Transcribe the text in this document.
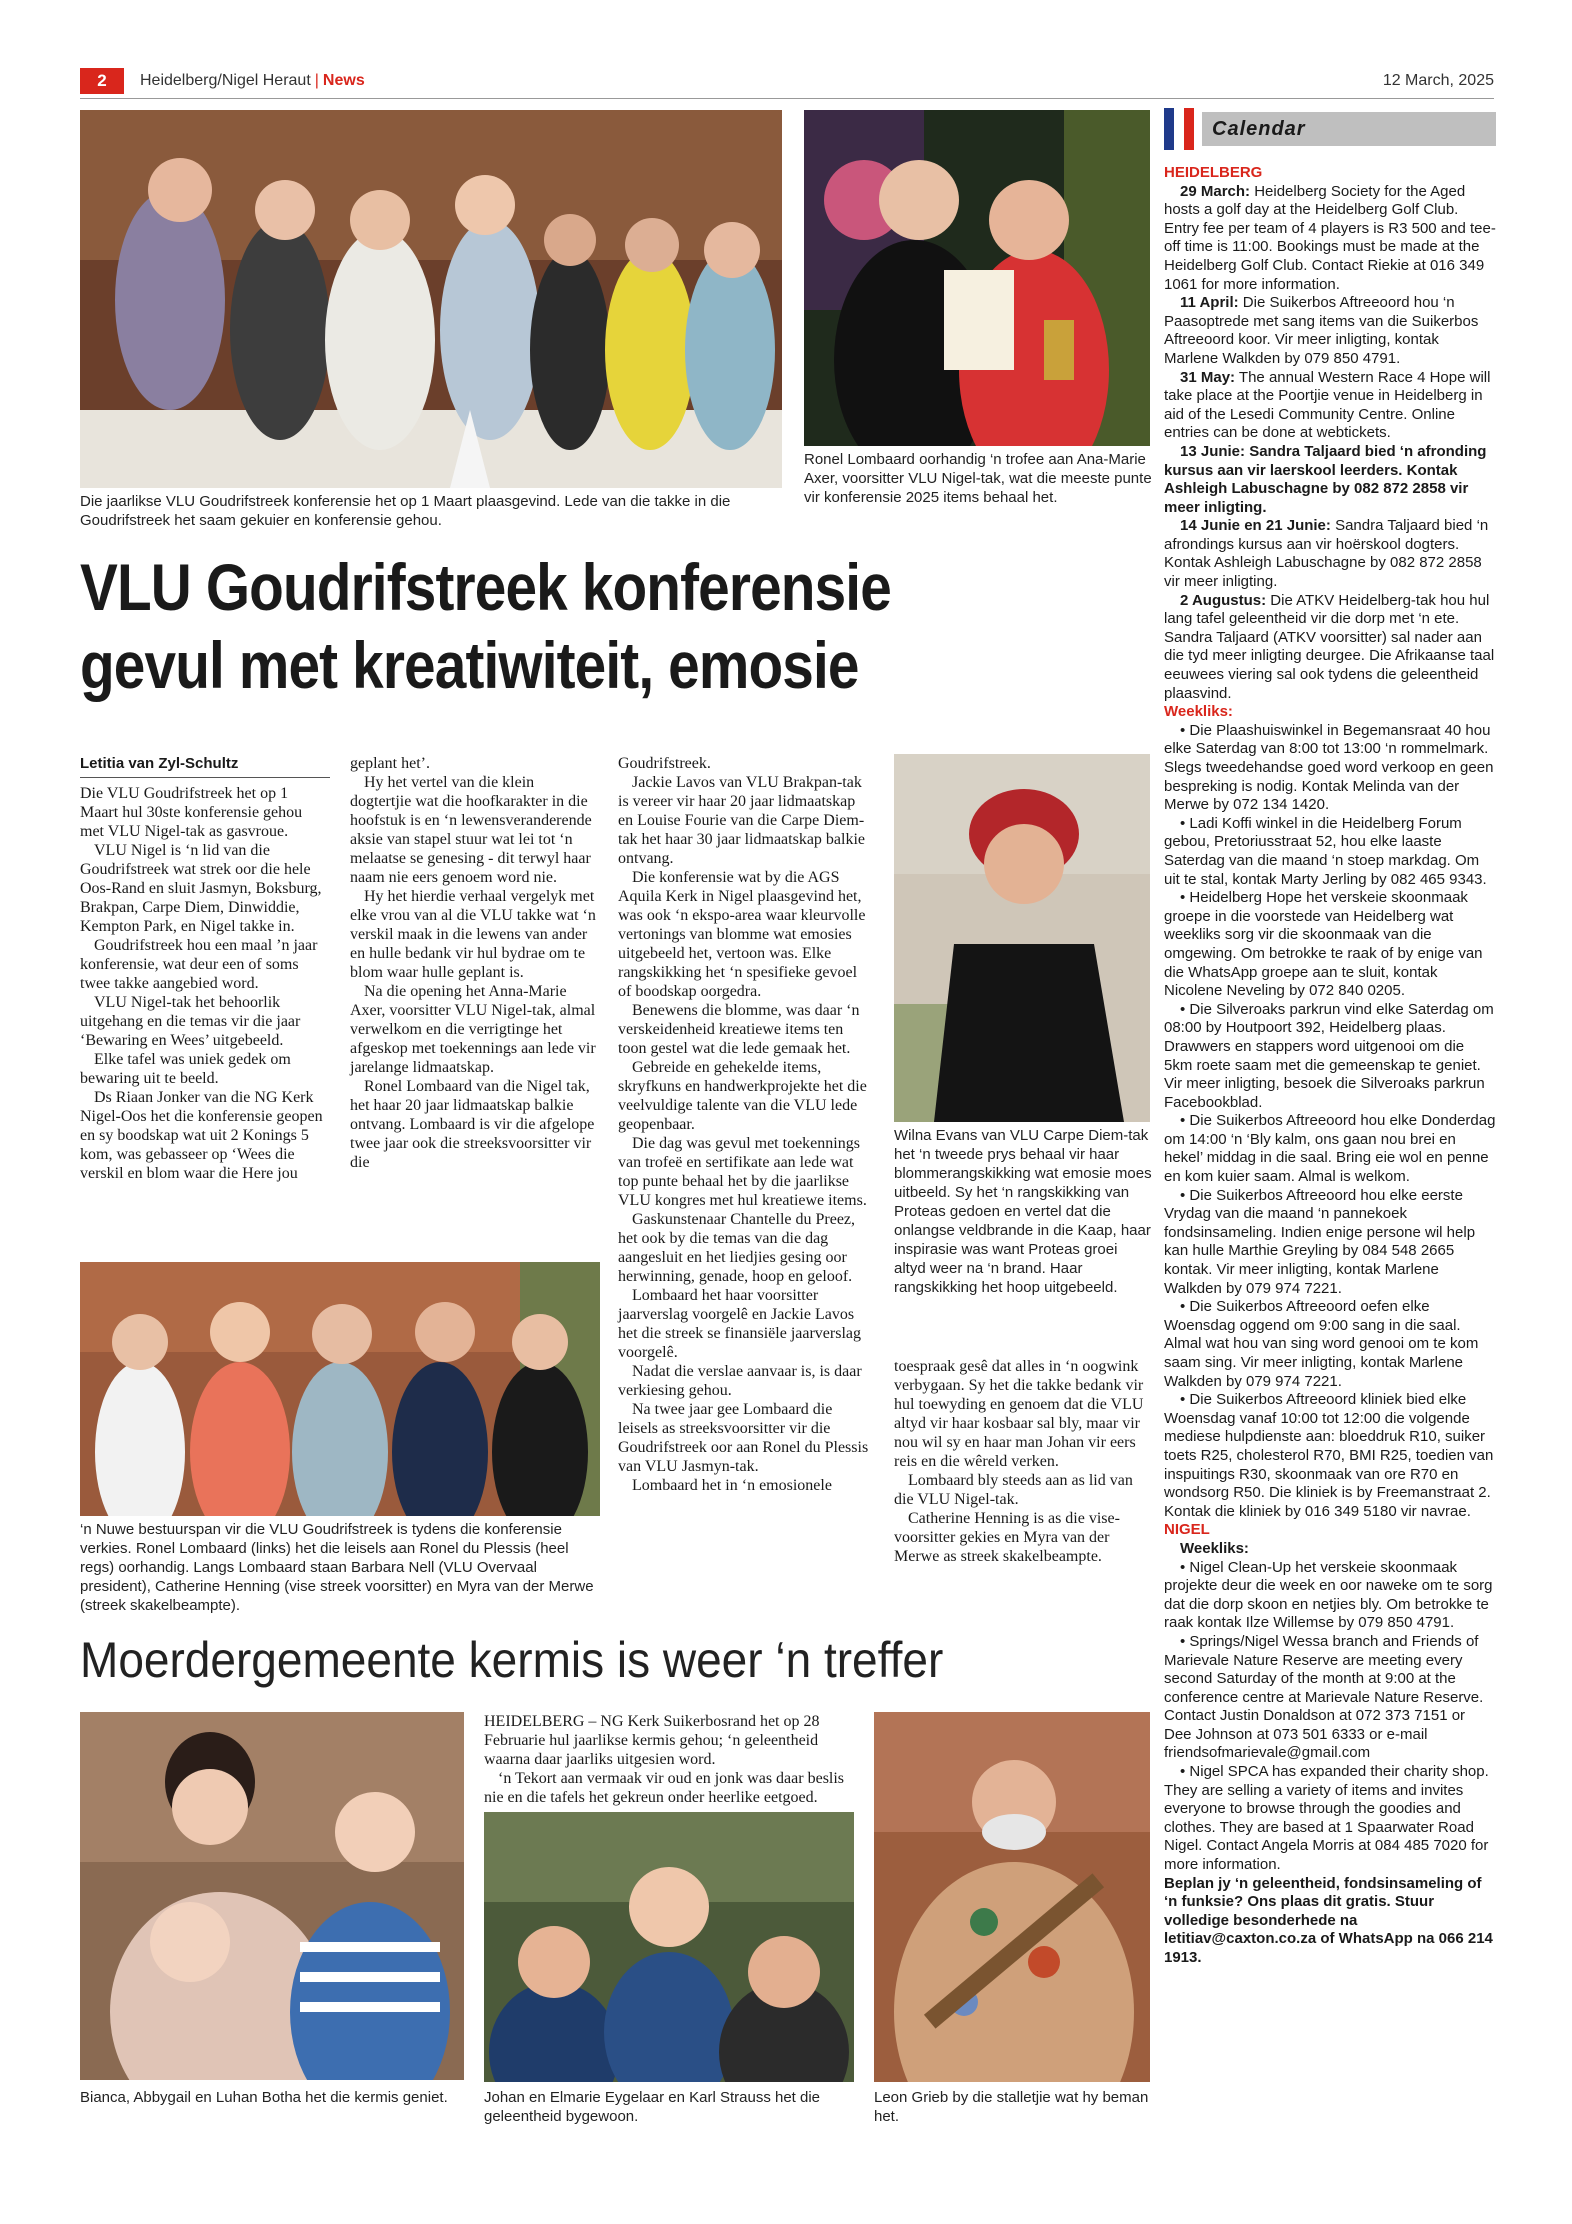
2	Heidelberg/Nigel Heraut | News	12 March, 2025
Die jaarlikse VLU Goudrifstreek konferensie het op 1 Maart plaasgevind. Lede van die takke in die Goudrifstreek het saam gekuier en konferensie gehou.
Ronel Lombaard oorhandig ‘n trofee aan Ana-Marie Axer, voorsitter VLU Nigel-tak, wat die meeste punte vir konferensie 2025 items behaal het.
VLU Goudrifstreek konferensie
gevul met kreatiwiteit, emosie
Letitia van Zyl-Schultz

Die VLU Goudrifstreek het op 1 Maart hul 30ste konferensie gehou met VLU Nigel-tak as gasvroue.

VLU Nigel is ‘n lid van die Goudrifstreek wat strek oor die hele Oos-Rand en sluit Jasmyn, Boksburg, Brakpan, Carpe Diem, Dinwiddie, Kempton Park, en Nigel takke in.

Goudrifstreek hou een maal ’n jaar konferensie, wat deur een of soms twee takke aangebied word.

VLU Nigel-tak het behoorlik uitgehang en die temas vir die jaar ‘Bewaring en Wees’ uitgebeeld.

Elke tafel was uniek gedek om bewaring uit te beeld.

Ds Riaan Jonker van die NG Kerk Nigel-Oos het die konferensie geopen en sy boodskap wat uit 2 Konings 5 kom, was gebasseer op ‘Wees die verskil en blom waar die Here jou

geplant het’.

Hy het vertel van die klein dogtertjie wat die hoofkarakter in die hoofstuk is en ‘n lewensveranderende aksie van stapel stuur wat lei tot ‘n melaatse se genesing - dit terwyl haar naam nie eers genoem word nie.

Hy het hierdie verhaal vergelyk met elke vrou van al die VLU takke wat ‘n verskil maak in die lewens van ander en hulle bedank vir hul bydrae om te blom waar hulle geplant is.

Na die opening het Anna-Marie Axer, voorsitter VLU Nigel-tak, almal verwelkom en die verrigtinge het afgeskop met toekennings aan lede vir jarelange lidmaatskap.

Ronel Lombaard van die Nigel tak, het haar 20 jaar lidmaatskap balkie ontvang. Lombaard is vir die afgelope twee jaar ook die streeksvoorsitter vir die

Goudrifstreek.

Jackie Lavos van VLU Brakpan-tak is vereer vir haar 20 jaar lidmaatskap en Louise Fourie van die Carpe Diem-tak het haar 30 jaar lidmaatskap balkie ontvang.

Die konferensie wat by die AGS Aquila Kerk in Nigel plaasgevind het, was ook ‘n ekspo-area waar kleurvolle vertonings van blomme wat emosies uitgebeeld het, vertoon was. Elke rangskikking het ‘n spesifieke gevoel of boodskap oorgedra.

Benewens die blomme, was daar ‘n verskeidenheid kreatiewe items ten toon gestel wat die lede gemaak het.

Gebreide en gehekelde items, skryfkuns en handwerkprojekte het die veelvuldige talente van die VLU lede geopenbaar.

Die dag was gevul met toekennings van trofeë en sertifikate aan lede wat top punte behaal het by die jaarlikse VLU kongres met hul kreatiewe items.

Gaskunstenaar Chantelle du Preez, het ook by die temas van die dag aangesluit en het liedjies gesing oor herwinning, genade, hoop en geloof.

Lombaard het haar voorsitter jaarverslag voorgelê en Jackie Lavos het die streek se finansiële jaarverslag voorgelê.

Nadat die verslae aanvaar is, is daar verkiesing gehou.

Na twee jaar gee Lombaard die leisels as streeksvoorsitter vir die Goudrifstreek oor aan Ronel du Plessis van VLU Jasmyn-tak.

Lombaard het in ‘n emosionele

Wilna Evans van VLU Carpe Diem-tak het ‘n tweede prys behaal vir haar blommerangskikking wat emosie moes uitbeeld. Sy het ‘n rangskikking van Proteas gedoen en vertel dat die onlangse veldbrande in die Kaap, haar inspirasie was want Proteas groei altyd weer na ‘n brand. Haar rangskikking het hoop uitgebeeld.

toespraak gesê dat alles in ‘n oogwink verbygaan. Sy het die takke bedank vir hul toewyding en genoem dat die VLU altyd vir haar kosbaar sal bly, maar vir nou wil sy en haar man Johan vir eers reis en die wêreld verken.

Lombaard bly steeds aan as lid van die VLU Nigel-tak.

Catherine Henning is as die vise-voorsitter gekies en Myra van der Merwe as streek skakelbeampte.

‘n Nuwe bestuurspan vir die VLU Goudrifstreek is tydens die konferensie verkies. Ronel Lombaard (links) het die leisels aan Ronel du Plessis (heel regs) oorhandig. Langs Lombaard staan Barbara Nell (VLU Overvaal president), Catherine Henning (vise streek voorsitter) en Myra van der Merwe (streek skakelbeampte).
Moerdergemeente kermis is weer ‘n treffer
Bianca, Abbygail en Luhan Botha het die kermis geniet.

HEIDELBERG – NG Kerk Suikerbosrand het op 28 Februarie hul jaarlikse kermis gehou; ‘n geleentheid waarna daar jaarliks uitgesien word.

‘n Tekort aan vermaak vir oud en jonk was daar beslis nie en die tafels het gekreun onder heerlike eetgoed.

Johan en Elmarie Eygelaar en Karl Strauss het die geleentheid bygewoon.
Leon Grieb by die stalletjie wat hy beman het.
Calendar
HEIDELBERG

29 March: Heidelberg Society for the Aged hosts a golf day at the Heidelberg Golf Club. Entry fee per team of 4 players is R3 500 and tee-off time is 11:00. Bookings must be made at the Heidelberg Golf Club. Contact Riekie at 016 349 1061 for more information.

11 April: Die Suikerbos Aftreeoord hou ‘n Paasoptrede met sang items van die Suikerbos Aftreeoord koor. Vir meer inligting, kontak Marlene Walkden by 079 850 4791.

31 May: The annual Western Race 4 Hope will take place at the Poortjie venue in Heidelberg in aid of the Lesedi Community Centre. Online entries can be done at webtickets.

13 Junie: Sandra Taljaard bied ‘n afronding kursus aan vir laerskool leerders. Kontak Ashleigh Labuschagne by 082 872 2858 vir meer inligting.

14 Junie en 21 Junie: Sandra Taljaard bied ‘n afrondings kursus aan vir hoërskool dogters. Kontak Ashleigh Labuschagne by 082 872 2858 vir meer inligting.

2 Augustus: Die ATKV Heidelberg-tak hou hul lang tafel geleentheid vir die dorp met ‘n ete. Sandra Taljaard (ATKV voorsitter) sal nader aan die tyd meer inligting deurgee. Die Afrikaanse taal eeuwees viering sal ook tydens die geleentheid plaasvind.

Weekliks:

• Die Plaashuiswinkel in Begemansraat 40 hou elke Saterdag van 8:00 tot 13:00 ‘n rommelmark. Slegs tweedehandse goed word verkoop en geen bespreking is nodig. Kontak Melinda van der Merwe by 072 134 1420.

• Ladi Koffi winkel in die Heidelberg Forum gebou, Pretoriusstraat 52, hou elke laaste Saterdag van die maand ‘n stoep markdag. Om uit te stal, kontak Marty Jerling by 082 465 9343.

• Heidelberg Hope het verskeie skoonmaak groepe in die voorstede van Heidelberg wat weekliks sorg vir die skoonmaak van die omgewing. Om betrokke te raak of by enige van die WhatsApp groepe aan te sluit, kontak Nicolene Neveling by 072 840 0205.

• Die Silveroaks parkrun vind elke Saterdag om 08:00 by Houtpoort 392, Heidelberg plaas. Drawwers en stappers word uitgenooi om die 5km roete saam met die gemeenskap te geniet. Vir meer inligting, besoek die Silveroaks parkrun Facebookblad.

• Die Suikerbos Aftreeoord hou elke Donderdag om 14:00 ‘n ‘Bly kalm, ons gaan nou brei en hekel’ middag in die saal. Bring eie wol en penne en kom kuier saam. Almal is welkom.

• Die Suikerbos Aftreeoord hou elke eerste Vrydag van die maand ‘n pannekoek fondsinsameling. Indien enige persone wil help kan hulle Marthie Greyling by 084 548 2665 kontak. Vir meer inligting, kontak Marlene Walkden by 079 974 7221.

• Die Suikerbos Aftreeoord oefen elke Woensdag oggend om 9:00 sang in die saal. Almal wat hou van sing word genooi om te kom saam sing. Vir meer inligting, kontak Marlene Walkden by 079 974 7221.

• Die Suikerbos Aftreeoord kliniek bied elke Woensdag vanaf 10:00 tot 12:00 die volgende mediese hulpdienste aan: bloeddruk R10, suiker toets R25, cholesterol R70, BMI R25, toedien van inspuitings R30, skoonmaak van ore R70 en wondsorg R50. Die kliniek is by Freemanstraat 2. Kontak die kliniek by 016 349 5180 vir navrae.

NIGEL

Weekliks:

• Nigel Clean-Up het verskeie skoonmaak projekte deur die week en oor naweke om te sorg dat die dorp skoon en netjies bly. Om betrokke te raak kontak Ilze Willemse by 079 850 4791.

• Springs/Nigel Wessa branch and Friends of Marievale Nature Reserve are meeting every second Saturday of the month at 9:00 at the conference centre at Marievale Nature Reserve. Contact Justin Donaldson at 072 373 7151 or Dee Johnson at 073 501 6333 or e-mail friendsofmarievale@gmail.com

• Nigel SPCA has expanded their charity shop. They are selling a variety of items and invites everyone to browse through the goodies and clothes. They are based at 1 Spaarwater Road Nigel. Contact Angela Morris at 084 485 7020 for more information.

Beplan jy ‘n geleentheid, fondsinsameling of ‘n funksie? Ons plaas dit gratis. Stuur volledige besonderhede na letitiav@caxton.co.za of WhatsApp na 066 214 1913.
